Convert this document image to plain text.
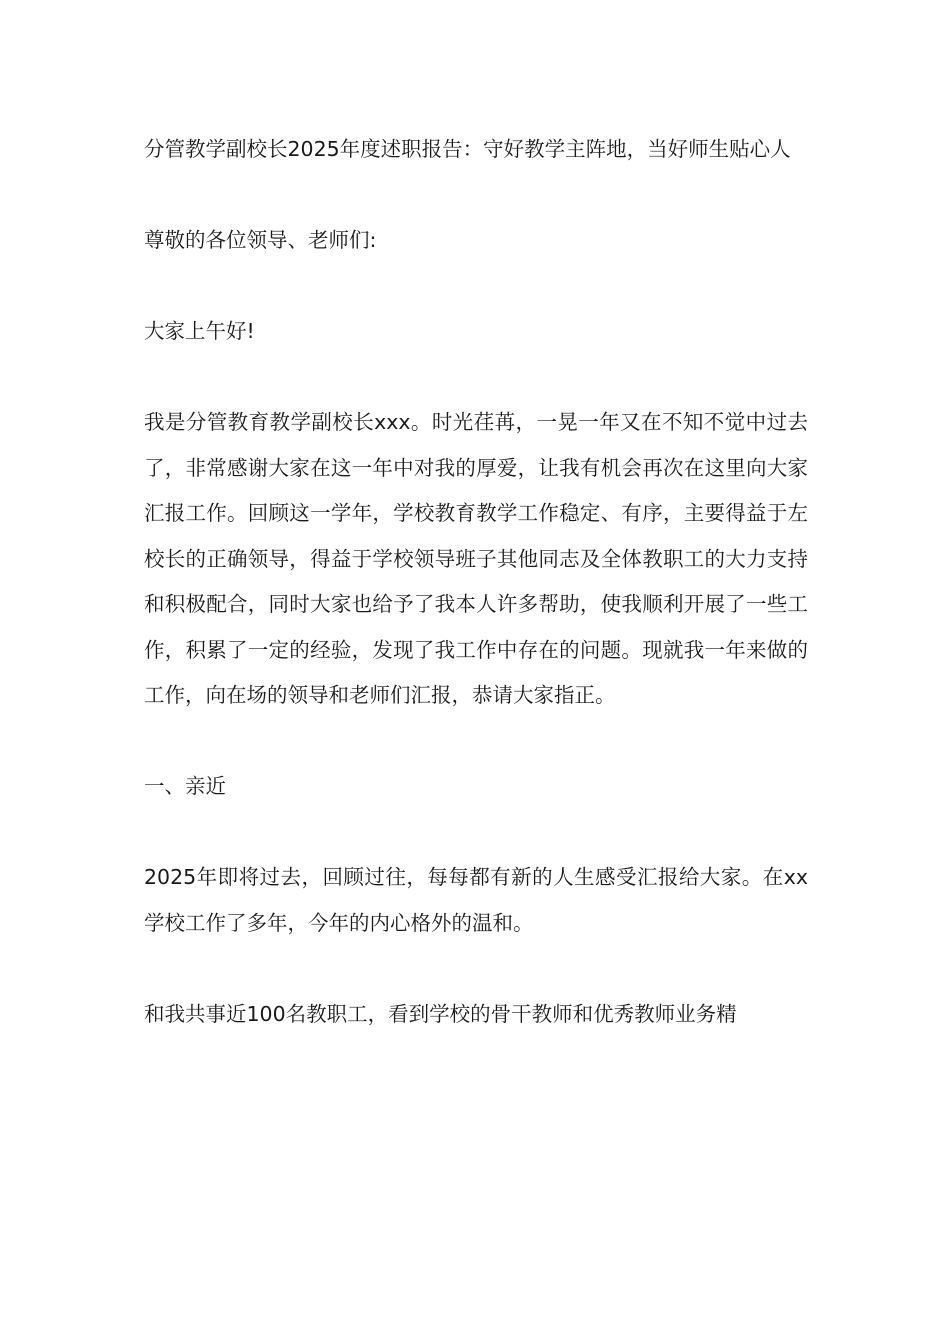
分管教学副校长2025年度述职报告：守好教学主阵地，当好师生贴心人

尊敬的各位领导、老师们:

大家上午好!

我是分管教育教学副校长xxx。时光荏苒，一晃一年又在不知不觉中过去了，非常感谢大家在这一年中对我的厚爱，让我有机会再次在这里向大家汇报工作。回顾这一学年，学校教育教学工作稳定、有序，主要得益于左校长的正确领导，得益于学校领导班子其他同志及全体教职工的大力支持和积极配合，同时大家也给予了我本人许多帮助，使我顺利开展了一些工作，积累了一定的经验，发现了我工作中存在的问题。现就我一年来做的工作，向在场的领导和老师们汇报，恭请大家指正。

一、亲近

2025年即将过去，回顾过往，每每都有新的人生感受汇报给大家。在xx学校工作了多年，今年的内心格外的温和。

和我共事近100名教职工，看到学校的骨干教师和优秀教师业务精
